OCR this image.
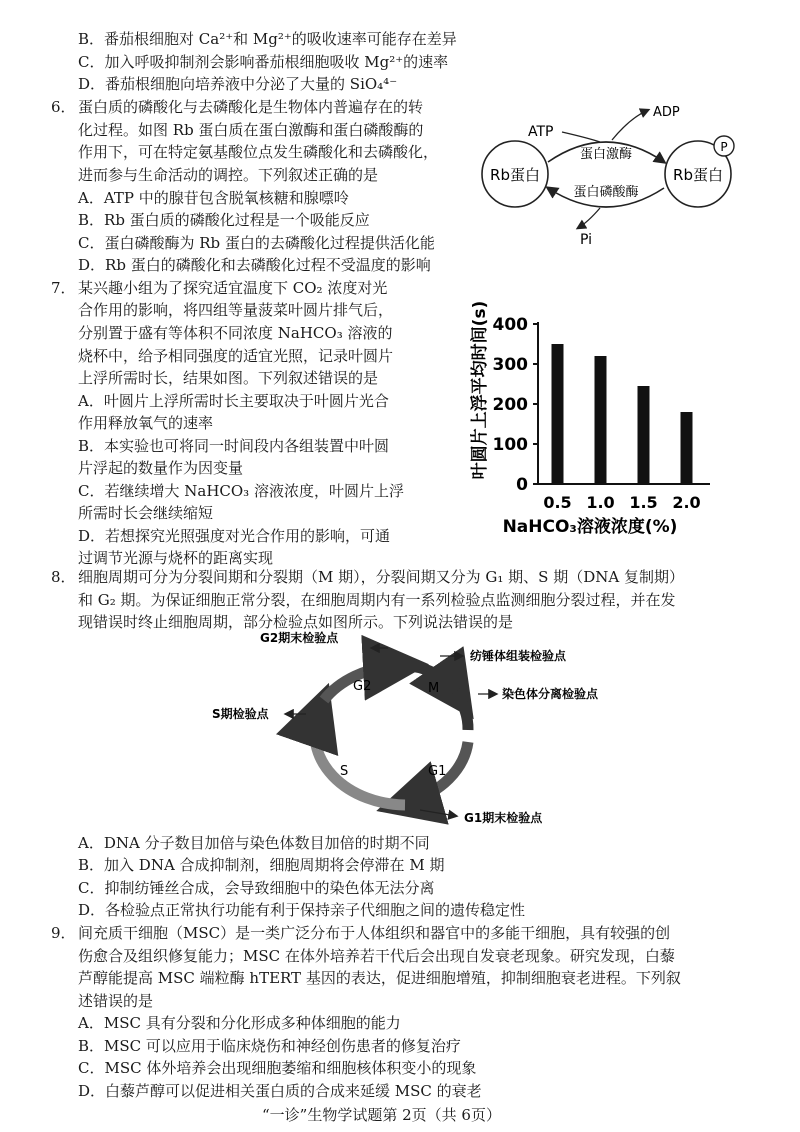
B．番茄根细胞对 Ca²⁺和 Mg²⁺的吸收速率可能存在差异
C．加入呼吸抑制剂会影响番茄根细胞吸收 Mg²⁺的速率
D．番茄根细胞向培养液中分泌了大量的 SiO₄⁴⁻
6． 蛋白质的磷酸化与去磷酸化是生物体内普遍存在的转
化过程。如图 Rb 蛋白质在蛋白激酶和蛋白磷酸酶的
作用下，可在特定氨基酸位点发生磷酸化和去磷酸化，
进而参与生命活动的调控。下列叙述正确的是
A．ATP 中的腺苷包含脱氧核糖和腺嘌呤
B．Rb 蛋白质的磷酸化过程是一个吸能反应
C．蛋白磷酸酶为 Rb 蛋白的去磷酸化过程提供活化能
D．Rb 蛋白的磷酸化和去磷酸化过程不受温度的影响
Rb蛋白	Rb蛋白
P
ATP
ADP
Pi
蛋白激酶
蛋白磷酸酶
7． 某兴趣小组为了探究适宜温度下 CO₂ 浓度对光
合作用的影响，将四组等量菠菜叶圆片排气后，
分别置于盛有等体积不同浓度 NaHCO₃ 溶液的
烧杯中，给予相同强度的适宜光照，记录叶圆片
上浮所需时长，结果如图。下列叙述错误的是
A．叶圆片上浮所需时长主要取决于叶圆片光合
作用释放氧气的速率
B．本实验也可将同一时间段内各组装置中叶圆
片浮起的数量作为因变量
C．若继续增大 NaHCO₃ 溶液浓度，叶圆片上浮
所需时长会继续缩短
D．若想探究光照强度对光合作用的影响，可通
过调节光源与烧杯的距离实现
叶圆片上浮平均时间(s)
0
100
200
300
400
0.5 1.0 1.5 2.0
NaHCO₃溶液浓度(%)
8． 细胞周期可分为分裂间期和分裂期（M 期），分裂间期又分为 G₁ 期、S 期（DNA 复制期）
和 G₂ 期。为保证细胞正常分裂，在细胞周期内有一系列检验点监测细胞分裂过程，并在发
现错误时终止细胞周期，部分检验点如图所示。下列说法错误的是
G2	M
S	G1
G2期末检验点
纺锤体组装检验点
染色体分离检验点
S期检验点
G1期末检验点
A．DNA 分子数目加倍与染色体数目加倍的时期不同
B．加入 DNA 合成抑制剂，细胞周期将会停滞在 M 期
C．抑制纺锤丝合成，会导致细胞中的染色体无法分离
D．各检验点正常执行功能有利于保持亲子代细胞之间的遗传稳定性
9． 间充质干细胞（MSC）是一类广泛分布于人体组织和器官中的多能干细胞，具有较强的创
伤愈合及组织修复能力；MSC 在体外培养若干代后会出现自发衰老现象。研究发现，白藜
芦醇能提高 MSC 端粒酶 hTERT 基因的表达，促进细胞增殖，抑制细胞衰老进程。下列叙
述错误的是
A．MSC 具有分裂和分化形成多种体细胞的能力
B．MSC 可以应用于临床烧伤和神经创伤患者的修复治疗
C．MSC 体外培养会出现细胞萎缩和细胞核体积变小的现象
D．白藜芦醇可以促进相关蛋白质的合成来延缓 MSC 的衰老
“一诊”生物学试题第 2页（共 6页）
